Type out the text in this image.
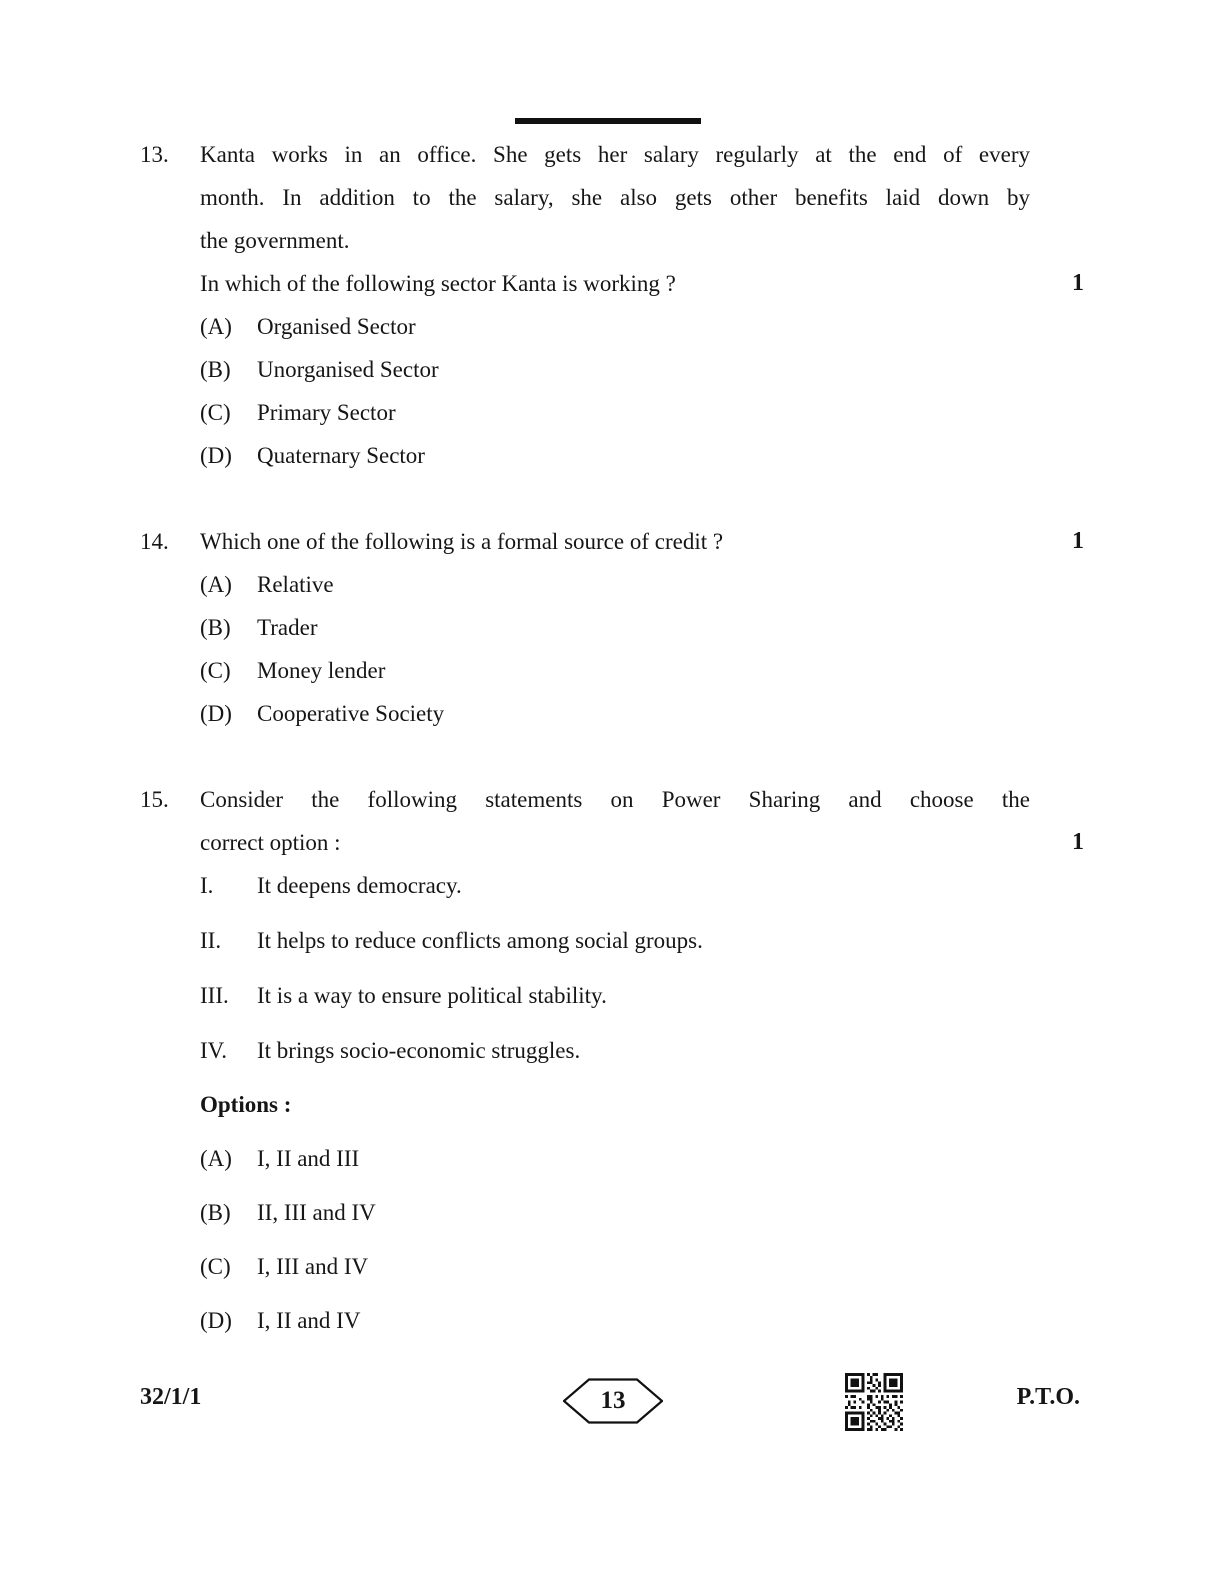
13.	Kanta works in an office. She gets her salary regularly at the end of every
month. In addition to the salary, she also gets other benefits laid down by
the government.
In which of the following sector Kanta is working ?	1
(A)	Organised Sector
(B)	Unorganised Sector
(C)	Primary Sector
(D)	Quaternary Sector
14.	Which one of the following is a formal source of credit ?	1
(A)	Relative
(B)	Trader
(C)	Money lender
(D)	Cooperative Society
15.	Consider the following statements on Power Sharing and choose the
correct option :	1
I.	It deepens democracy.
II.	It helps to reduce conflicts among social groups.
III.	It is a way to ensure political stability.
IV.	It brings socio-economic struggles.
Options :
(A)	I, II and III
(B)	II, III and IV
(C)	I, III and IV
(D)	I, II and IV
32/1/1	13	P.T.O.
